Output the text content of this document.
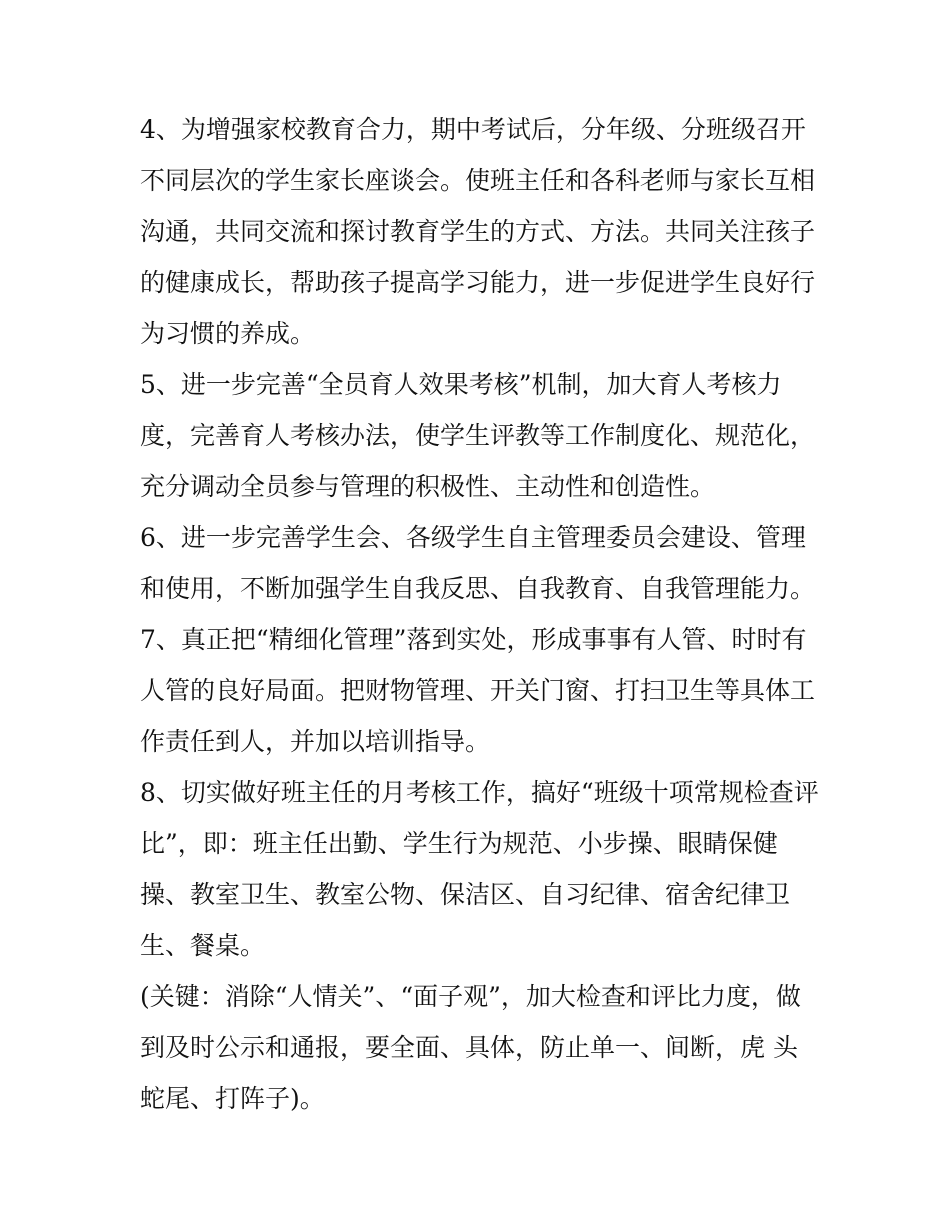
4、为增强家校教育合力，期中考试后，分年级、分班级召开
不同层次的学生家长座谈会。使班主任和各科老师与家长互相
沟通，共同交流和探讨教育学生的方式、方法。共同关注孩子
的健康成长，帮助孩子提高学习能力，进一步促进学生良好行
为习惯的养成。
5、进一步完善“全员育人效果考核”机制，加大育人考核力
度，完善育人考核办法，使学生评教等工作制度化、规范化，
充分调动全员参与管理的积极性、主动性和创造性。
6、进一步完善学生会、各级学生自主管理委员会建设、管理
和使用，不断加强学生自我反思、自我教育、自我管理能力。
7、真正把“精细化管理”落到实处，形成事事有人管、时时有
人管的良好局面。把财物管理、开关门窗、打扫卫生等具体工
作责任到人，并加以培训指导。
8、切实做好班主任的月考核工作，搞好“班级十项常规检查评
比”，即：班主任出勤、学生行为规范、小步操、眼睛保健
操、教室卫生、教室公物、保洁区、自习纪律、宿舍纪律卫
生、餐桌。
(关键：消除“人情关”、“面子观”，加大检查和评比力度，做
到及时公示和通报，要全面、具体，防止单一、间断，虎 头
蛇尾、打阵子)。
